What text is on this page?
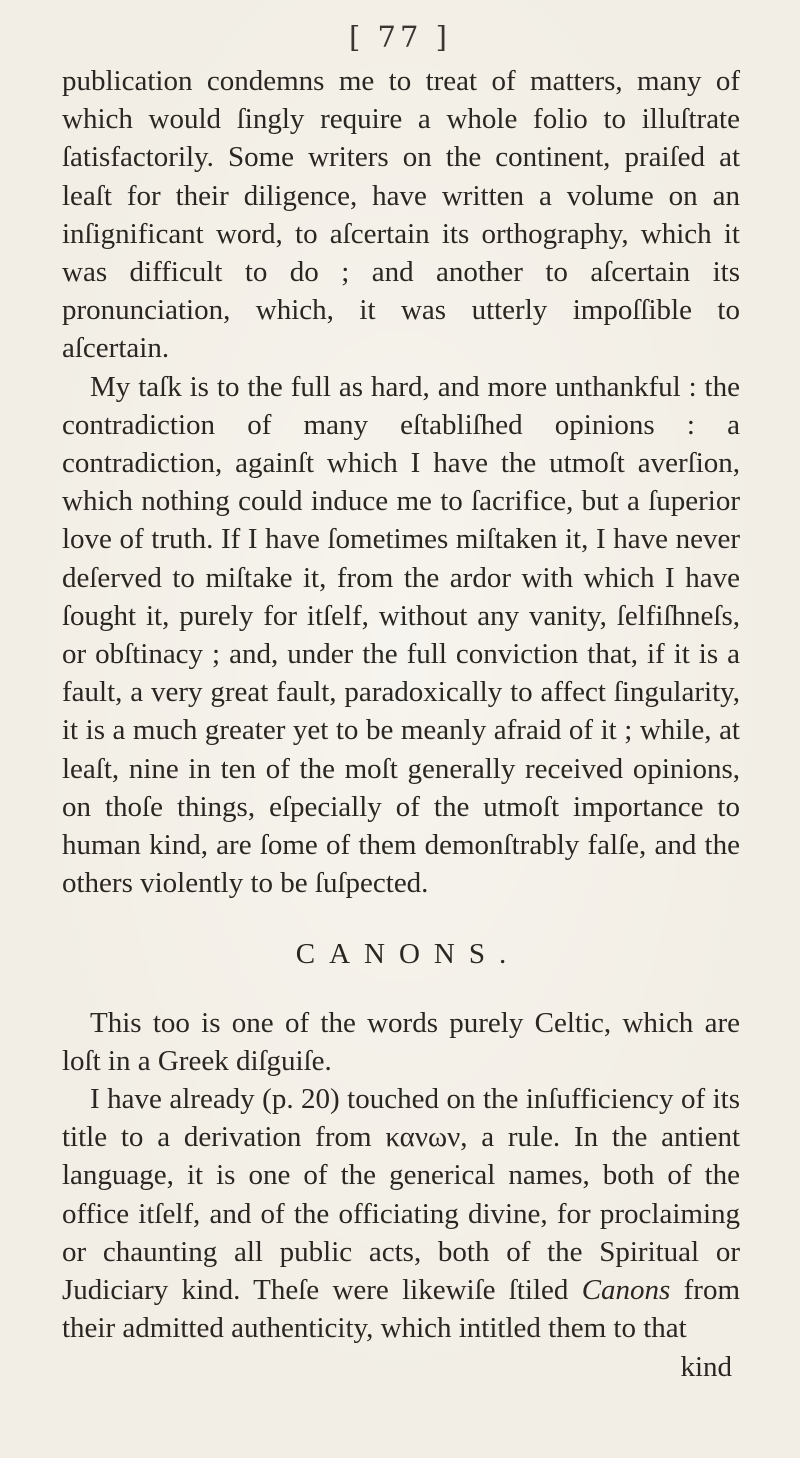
[ 77 ]

publication condemns me to treat of matters, many of which would ſingly require a whole folio to illuſtrate ſatisfactorily. Some writers on the continent, praiſed at leaſt for their diligence, have written a volume on an inſignificant word, to aſcertain its orthography, which it was difficult to do ; and another to aſcertain its pronunciation, which, it was utterly impoſſible to aſcertain.

My taſk is to the full as hard, and more unthankful : the contradiction of many eſtabliſhed opinions : a contradiction, againſt which I have the utmoſt averſion, which nothing could induce me to ſacrifice, but a ſuperior love of truth. If I have ſometimes miſtaken it, I have never deſerved to miſtake it, from the ardor with which I have ſought it, purely for itſelf, without any vanity, ſelfiſhneſs, or obſtinacy ; and, under the full conviction that, if it is a fault, a very great fault, paradoxically to affect ſingularity, it is a much greater yet to be meanly afraid of it ; while, at leaſt, nine in ten of the moſt generally received opinions, on thoſe things, eſpecially of the utmoſt importance to human kind, are ſome of them demonſtrably falſe, and the others violently to be ſuſpected.

CANONS.

This too is one of the words purely Celtic, which are loſt in a Greek diſguiſe.

I have already (p. 20) touched on the inſufficiency of its title to a derivation from κανων, a rule. In the antient language, it is one of the generical names, both of the office itſelf, and of the officiating divine, for proclaiming or chaunting all public acts, both of the Spiritual or Judiciary kind. Theſe were likewiſe ſtiled Canons from their admitted authenticity, which intitled them to that

kind
